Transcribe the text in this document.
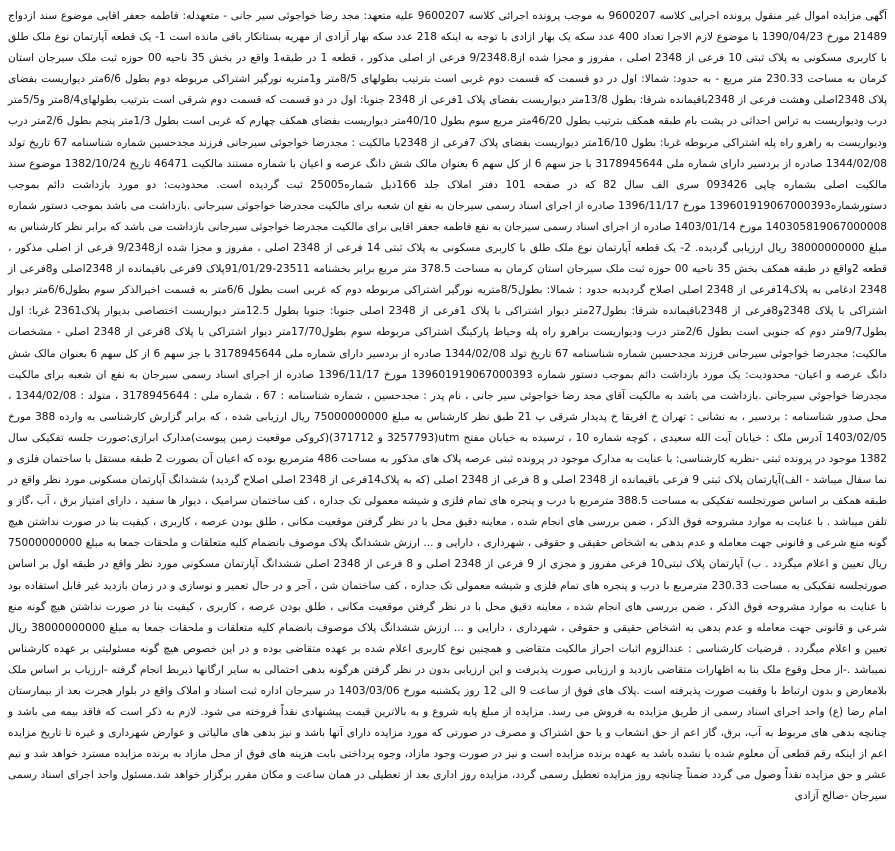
آگهی مزایده اموال غیر منقول پرونده اجرایی کلاسه 9600207 به موجب پرونده اجرائی کلاسه 9600207 علیه متعهد: مجد رضا خواجوئی سیر جانی - متعهدله: فاطمه جعفر اقایی موضوع سند ازدواج 21489 مورخ 1390/04/23 با موضوع لازم الاجرا تعداد 400 عدد سکه یک بهار ازادی با توجه به اینکه 218 عدد سکه بهار آزادی از مهریه بستانکار باقی مانده است 1- یک قطعه آپارتمان نوع ملک طلق با کاربری مسکونی به پلاک ثبتی 10 فرعی از 2348 اصلی ، مفروز و مجزا شده از9/2348.8 فرعی از اصلی مذکور ، قطعه 1 در طبقه1 واقع در بخش 35 ناحیه 00 حوزه ثبت ملک سیرجان استان کرمان به مساحت 230.33 متر مربع - به حدود: شمالا: اول در دو قسمت که قسمت دوم غربی است بترتیب بطولهای 8/5متر و1متریه نورگیر اشتراکی مربوطه دوم بطول 6/6متر دیواریست بفضای پلاک 2348اصلی وهشت فرعی از 2348باقیمانده شرقا: بطول 13/8متر دیواریست بفضای پلاک 1فرعی از 2348 جنوبا: اول در دو قسمت که قسمت دوم شرقی است بترتیب بطولهای8/4متر و5/5متر درب ودیواریست به تراس احداثی در پشت بام طبقه همکف بترتیب بطول 46/20متر مربع سوم بطول 40/10متر دیواریست بفضای همکف چهارم که غربی است بطول 1/3متر پنجم بطول 2/6متر درب ودیواریست به راهرو راه پله اشتراکی مربوطه غربا: بطول 16/10متر دیواریست بفضای پلاک 7فرعی از 2348با مالکیت : مجدرضا خواجوئی سیرجانی فرزند مجدحسین شماره شناسنامه 67 تاریخ تولد 1344/02/08 صادره از بردسیر دارای شماره ملی 3178945644 با جز سهم 6 از کل سهم 6 بعنوان مالک شش دانگ عرصه و اعیان با شماره مستند مالکیت 46471 تاریخ 1382/10/24 موضوع سند مالکیت اصلی بشماره چاپی 093426 سری الف سال 82 که در صفحه 101 دفتر املاک جلد 166ذیل شماره25005 ثبت گردیده است. محدودیت: دو مورد بازداشت دائم بموجب دستورشماره139601919067000393 مورخ 1396/11/17 صادره از اجرای اسناد رسمی سیرجان به نفع ان شعبه برای مالکیت مجدرضا خواجوئی سیرجانی .بازداشت می باشد بموجب دستور شماره 140305819067000008 مورخ 1403/01/14 صادره از اجرای اسناد رسمی سیرجان به نفع فاطمه جعفر اقایی برای مالکیت مجدرضا خواجوئی سیرجانی بازداشت می باشد که برابر نظر کارشناس به مبلغ 38000000000 ریال ارزیابی گردیده. 2- یک قطعه آپارتمان نوع ملک طلق با کاربری مسکونی به پلاک ثبتی 14 فرعی از 2348 اصلی ، مفروز و مجزا شده از9/2348 فرعی از اصلی مذکور ، قطعه 2واقع در طبقه همکف بخش 35 ناحیه 00 حوزه ثبت ملک سیرجان استان کرمان به مساحت 378.5 متر مربع برابر بخشنامه 23511-91/01/29پلاک 9فرعی باقیمانده از 2348اصلی و8فرعی از 2348 ادغامی به پلاک14فرعی از 2348 اصلی اصلاح گردیدبه حدود : شمالا: بطول8/5متریه نورگیر اشتراکی مربوطه دوم که غربی است بطول 6/6متر به قسمت اخیرالذکر سوم بطول6/6متر دیوار اشتراکی با پلاک 2348و8فرعی از 2348باقیمانده شرقا: بطول27متر دیوار اشتراکی با پلاک 1فرعی از 2348 اصلی جنوبا: جنوبا بطول 12.5متر دیواریست اختصاصی بدیوار پلاک2361 غربا: اول بطول9/7متر دوم که جنوبی است بطول 2/6متر درب ودیواریست براهرو راه پله وحیاط پارکینگ اشتراکی مربوطه سوم بطول17/70متر دیوار اشتراکی با پلاک 8فرعی از 2348 اصلی - مشخصات مالکیت: مجدرضا خواجوئی سیرجانی فرزند مجدحسین شماره شناسنامه 67 تاریخ تولد 1344/02/08 صادره از بردسیر دارای شماره ملی 3178945644 با جز سهم 6 از کل سهم 6 بعنوان مالک شش دانگ عرصه و اعیان- محدودیت: یک مورد بازداشت دائم بموجب دستور شماره 139601919067000393 مورخ 1396/11/17 صادره از اجرای اسناد رسمی سیرجان به نفع ان شعبه برای مالکیت مجدرضا خواجوئی سیرجانی .بازداشت می باشد به مالکیت آقای مجد رضا خواجوئی سیر جانی ، نام پدر : مجدحسین ، شماره شناسنامه : 67 ، شماره ملی : 3178945644 ، متولد : 1344/02/08 ، محل صدور شناسنامه : بردسیر ، به نشانی : تهران خ افریقا خ پدیدار شرقی پ 21 طبق نظر کارشناس به مبلغ 75000000000 ریال ارزیابی شده ، که برابر گزارش کارشناسی به وارده 388 مورخ 1403/02/05 آدرس ملک : خیابان آیت الله سعیدی ، کوچه شماره 10 ، ترسیده به خیابان مفتح utm(3257793 و 371712)(کروکی موقعیت زمین پیوست)مدارک ابرازی:صورت جلسه تفکیکی سال 1382 موجود در پرونده ثبتی -نظریه کارشناسی: با عنایت به مدارک موجود در پرونده ثبتی عرصه پلاک های مذکور به مساحت 486 مترمربع بوده که اعیان آن بصورت 2 طبقه مستقل با ساختمان فلزی و نما سفال میباشد - الف)آپارتمان پلاک ثبتی 9 فرعی باقیمانده از 2348 اصلی و 8 فرعی از 2348 اصلی (که به پلاک14فرعی از 2348 اصلی اصلاح گردید) ششدانگ آپارتمان مسکونی مورد نظر واقع در طبقه همکف بر اساس صورتجلسه تفکیکی به مساحت 388.5 مترمربع با درب و پنجره های تمام فلزی و شیشه معمولی تک جداره ، کف ساختمان سرامیک ، دیوار ها سفید ، دارای امتیاز برق ، آب ،گاز و تلفن میباشد . با عنایت به موارد مشروحه فوق الذکر ، ضمن بررسی های انجام شده ، معاینه دقیق محل با در نظر گرفتن موقعیت مکانی ، طلق بودن عرصه ، کاربری ، کیفیت بنا در صورت نداشتن هیچ گونه منع شرعی و قانونی جهت معامله و عدم بدهی به اشخاص حقیقی و حقوقی ، شهرداری ، دارایی و ... ارزش ششدانگ پلاک موصوف بانضمام کلیه متعلقات و ملحقات جمعا به مبلغ 75000000000 ریال تعیین و اعلام میگردد . ب) آپارتمان پلاک ثبتی10 فرعی مفروز و مجزی از 9 فرعی از 2348 اصلی و 8 فرعی از 2348 اصلی ششدانگ آپارتمان مسکونی مورد نظر واقع در طبقه اول بر اساس صورتجلسه تفکیکی به مساحت 230.33 مترمربع با درب و پنجره های تمام فلزی و شیشه معمولی تک جداره ، کف ساختمان شن ، آجر و در حال تعمیر و نوسازی و در زمان بازدید غیر قابل استفاده بود با عنایت به موارد مشروحه فوق الذکر ، ضمن بررسی های انجام شده ، معاینه دقیق محل با در نظر گرفتن موقعیت مکانی ، طلق بودن عرصه ، کاربری ، کیفیت بنا در صورت نداشتن هیچ گونه منع شرعی و قانونی جهت معامله و عدم بدهی به اشخاص حقیقی و حقوقی ، شهرداری ، دارایی و ... ارزش ششدانگ پلاک موصوف بانضمام کلیه متعلقات و ملحقات جمعا به مبلغ 38000000000 ریال تعیین و اعلام میگردد . فرضیات کارشناسی : عندالزوم اثبات احراز مالکیت متقاضی و همچنین نوع کاربری اعلام شده بر عهده متقاضی بوده و در این خصوص هیچ گونه مسئولیتی بر عهده کارشناس نمیباشد .-از محل وقوع ملک بنا به اظهارات متقاضی بازدید و ارزیابی صورت پذیرفت و این ارزیابی بدون در نظر گرفتن هرگونه بدهی احتمالی به سایر ارگانها ذیربط انجام گرفته -ارزیاب بر اساس ملک بلامعارض و بدون ارتباط با وقفیت صورت پذیرفته است .پلاک های فوق از ساعت 9 الی 12 روز یکشنبه مورخ 1403/03/06 در سیرجان اداره ثبت اسناد و املاک واقع در بلوار هجرت بعد از بیمارستان امام رضا (ع) واحد اجرای اسناد رسمی از طریق مزایده به فروش می رسد. مزایده از مبلغ پایه شروع و به بالاترین قیمت پیشنهادی نقداً فروخته می شود. لازم به ذکر است که فاقد بیمه می باشد و چنانچه بدهی های مربوط به آب، برق، گاز اعم از حق انشعاب و یا حق اشتراک و مصرف در صورتی که مورد مزایده دارای آنها باشد و نیز بدهی های مالیاتی و عوارض شهرداری و غیره تا تاریخ مزایده اعم از اینکه رقم قطعی آن معلوم شده یا نشده باشد به عهده برنده مزایده است و نیز در صورت وجود مازاد، وجوه پرداختی بابت هزینه های فوق از محل مازاد به برنده مزایده مسترد خواهد شد و نیم عشر و حق مزایده نقداً وصول می گردد ضمناً چنانچه روز مزایده تعطیل رسمی گردد، مزایده روز اداری بعد از تعطیلی در همان ساعت و مکان مقرر برگزار خواهد شد.مسئول واحد اجرای اسناد رسمی سیرجان -صالح آزادی
